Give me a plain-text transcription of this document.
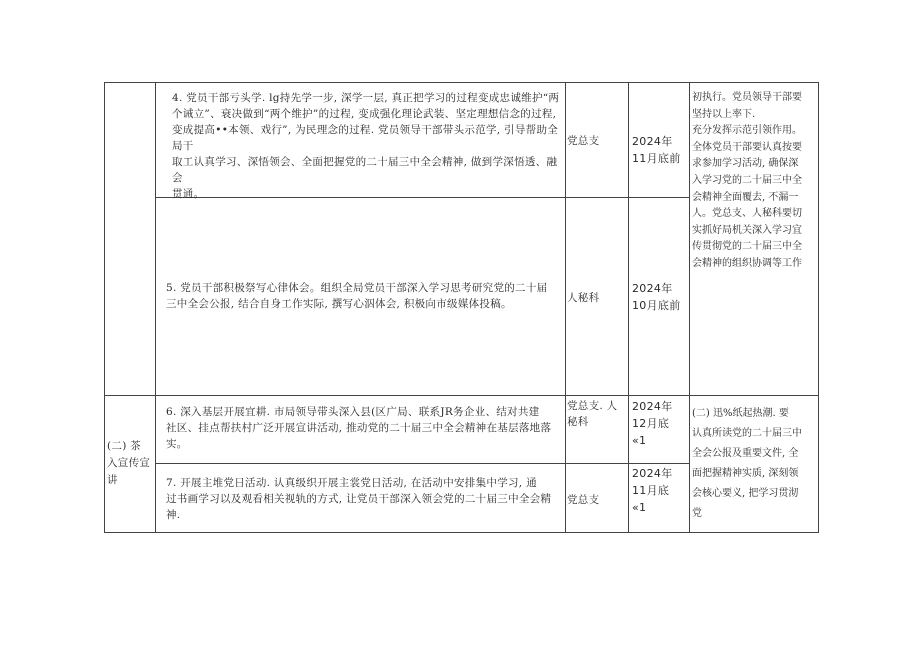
4. 党员干部亏头学. lg持先学一步, 深学一层, 真正把学习的过程变成忠诚维护“两

个诫立”、衰决做到“两个维护”的过程, 变成强化理论武装、坚定理想信念的过程,

变成提高••本领、戏行”, 为民理念的过程. 党员领导干部带头示范学, 引导帮助全局干

取工认真学习、深悟领会、全面把握党的二十届三中全会精神, 做到学深悟透、融会

贯通。

党总支	2024年

11月底前

5. 党员干部积极祭写心律体会。组织全局党员干部深入学习思考研究党的二十届

三中全会公报, 结合自身工作实际, 撰写心泅体会, 积极向市级媒体投稿。	人秘科

2024年

10月底前

初执行。党员领导干部要

坚持以上率下.

充分发挥示范引领作用。

全体党员干部要认真按要

求参加学习活动, 确保深

入学习党的二十届三中全

会精神全面覆去, 不漏一

人。党总支、人秘科要切

实抓好局机关深入学习宜

传贯彻党的二十届三中全

会精神的组织协调等工作

(二) 茶

入宣传宣

讲

6. 深入基层开展宜耕. 市局领导带头深入县(区广局、联系JR务企业、结对共建

社区、挂点帮扶村广泛开展宣讲活动, 推动党的二十届三中全会精神在基层落地落实。

党总支. 人

秘科

2024年

12月底

«1

7. 开展主堆党日活动. 认真级织开展主裳党日活动, 在活动中安排集中学习, 通

过书画学习以及观看相关视轨的方式, 让党员干部深入领会党的二十届三中全会精神.

党总支

2024年

11月底

«1

(二) 迅%纸起热潮. 要

认真所读党的二十届三中

全会公报及重要文件, 全

面把握精神实质, 深刻领

会核心要义, 把学习贯沏

党
